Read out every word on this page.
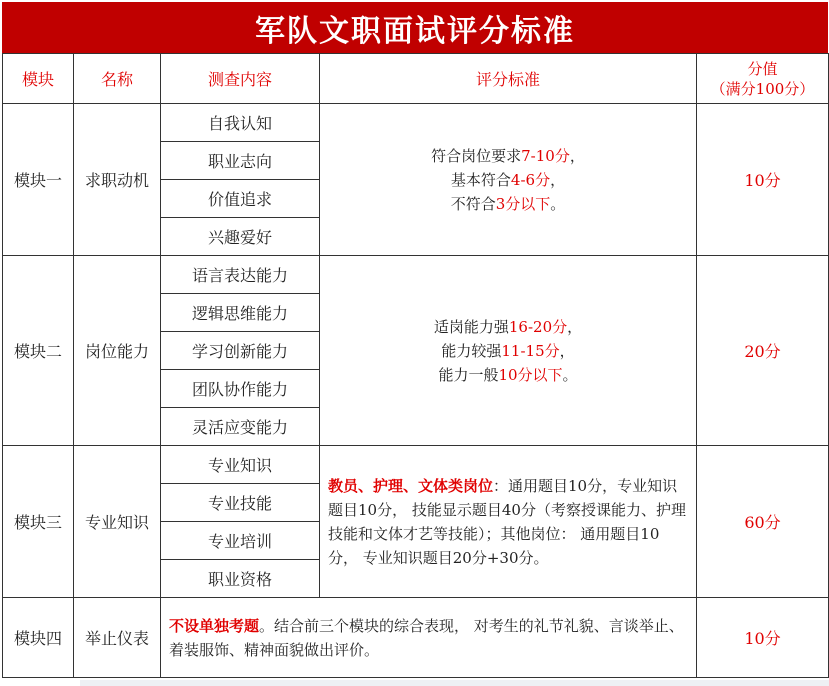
军队文职面试评分标准
模块	名称	测查内容	评分标准	分值
（满分100分）

模块一	求职动机	自我认知	符合岗位要求7-10分，
基本符合4-6分，
不符合3分以下。	10分
		职业志向		
		价值追求		
		兴趣爱好		
模块二	岗位能力	语言表达能力	适岗能力强16-20分，
能力较强11-15分，
能力一般10分以下。	20分
		逻辑思维能力		
		学习创新能力		
		团队协作能力		
		灵活应变能力		
模块三	专业知识	专业知识	教员、护理、文体类岗位：通用题目10分，专业知识题目10分， 技能显示题目40分（考察授课能力、护理技能和文体才艺等技能）；其他岗位： 通用题目10分， 专业知识题目20分+30分。	60分
		专业技能		
		专业培训		
		职业资格		
模块四	举止仪表	不设单独考题。结合前三个模块的综合表现， 对考生的礼节礼貌、言谈举止、着装服饰、精神面貌做出评价。		10分
